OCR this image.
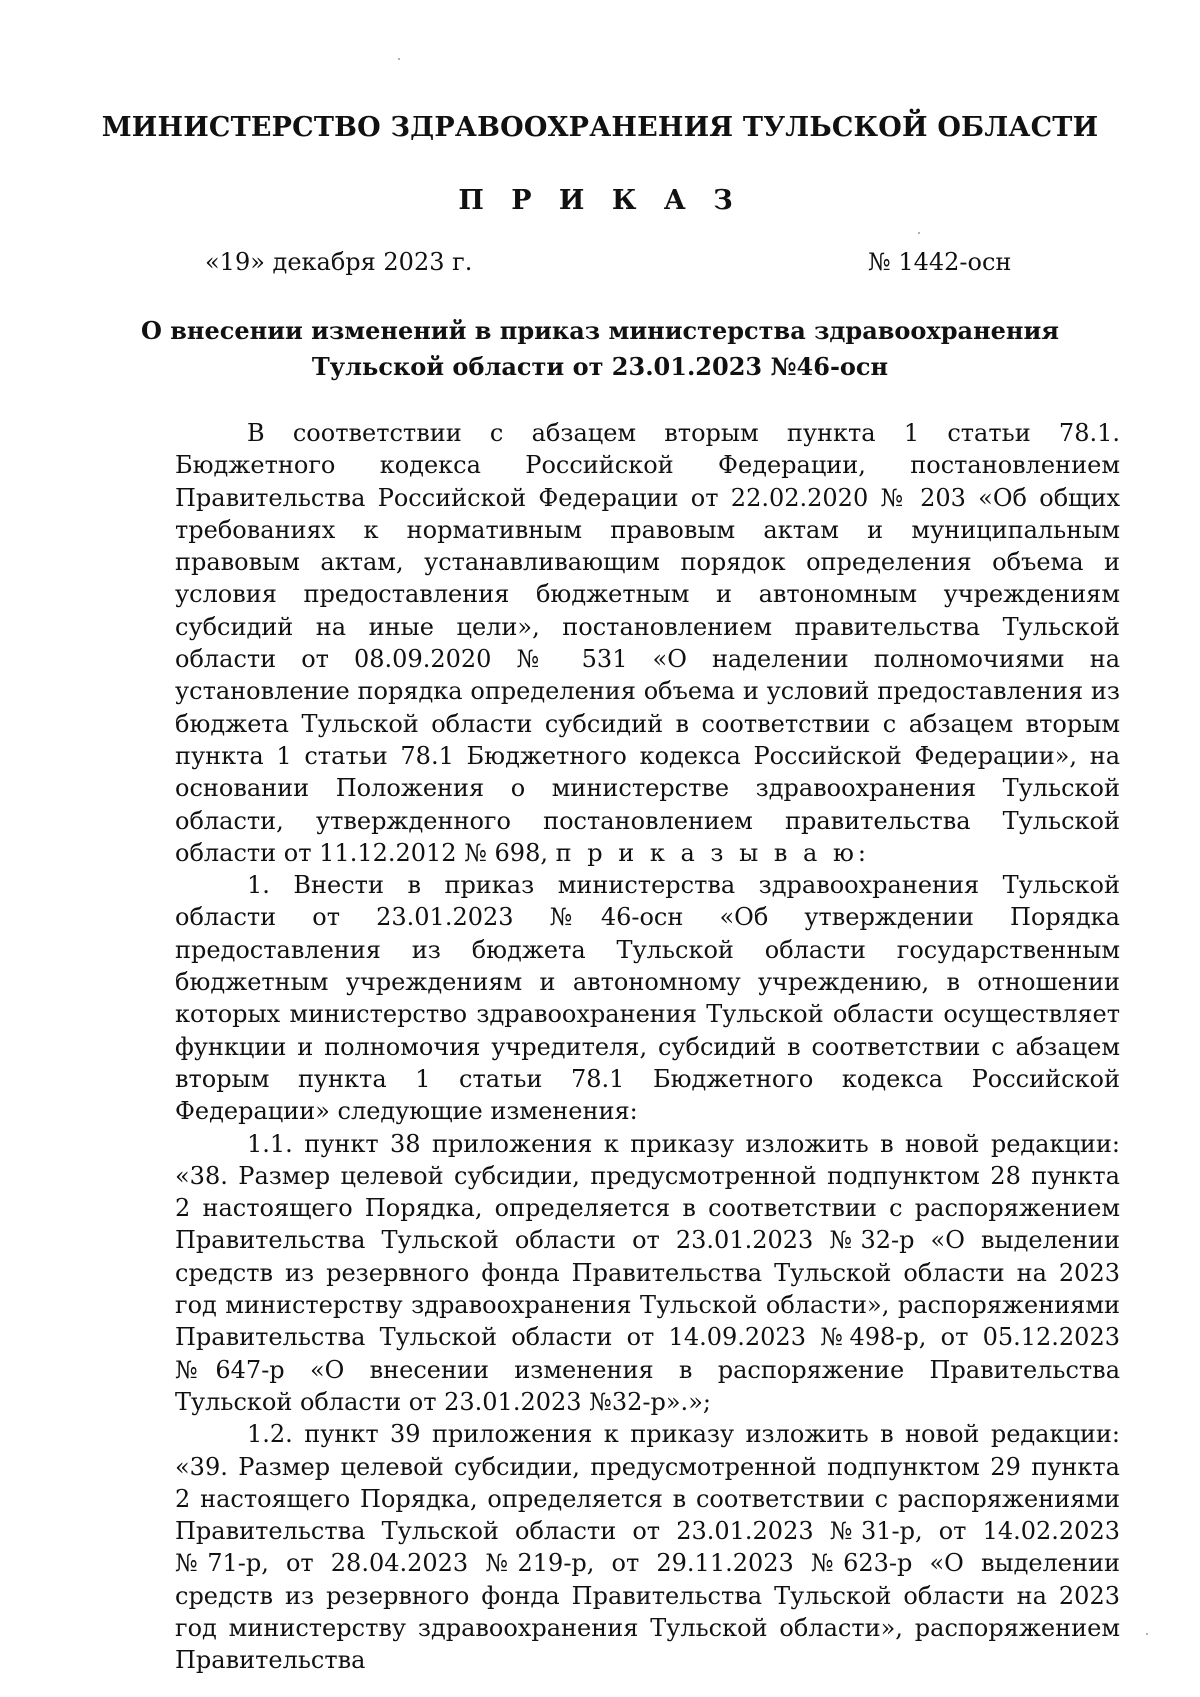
МИНИСТЕРСТВО ЗДРАВООХРАНЕНИЯ ТУЛЬСКОЙ ОБЛАСТИ
П Р И К А З
«19» декабря 2023 г.	№ 1442-осн
О внесении изменений в приказ министерства здравоохранения
Тульской области от 23.01.2023 №46-осн

В соответствии с абзацем вторым пункта 1 статьи 78.1. Бюджетного кодекса Российской Федерации, постановлением Правительства Российской Федерации от 22.02.2020 № 203 «Об общих требованиях к нормативным правовым актам и муниципальным правовым актам, устанавливающим порядок определения объема и условия предоставления бюджетным и автономным учреждениям субсидий на иные цели», постановлением правительства Тульской области от 08.09.2020 № 531 «О наделении полномочиями на установление порядка определения объема и условий предоставления из бюджета Тульской области субсидий в соответствии с абзацем вторым пункта 1 статьи 78.1 Бюджетного кодекса Российской Федерации», на основании Положения о министерстве здравоохранения Тульской области, утвержденного постановлением правительства Тульской области от 11.12.2012 № 698, п р и к а з ы в а ю:

1. Внести в приказ министерства здравоохранения Тульской области от 23.01.2023 №46-осн «Об утверждении Порядка предоставления из бюджета Тульской области государственным бюджетным учреждениям и автономному учреждению, в отношении которых министерство здравоохранения Тульской области осуществляет функции и полномочия учредителя, субсидий в соответствии с абзацем вторым пункта 1 статьи 78.1 Бюджетного кодекса Российской Федерации» следующие изменения:

1.1. пункт 38 приложения к приказу изложить в новой редакции: «38. Размер целевой субсидии, предусмотренной подпунктом 28 пункта 2 настоящего Порядка, определяется в соответствии с распоряжением Правительства Тульской области от 23.01.2023 №32-р «О выделении средств из резервного фонда Правительства Тульской области на 2023 год министерству здравоохранения Тульской области», распоряжениями Правительства Тульской области от 14.09.2023 №498-р, от 05.12.2023 №647-р «О внесении изменения в распоряжение Правительства Тульской области от 23.01.2023 №32-р».»;

1.2. пункт 39 приложения к приказу изложить в новой редакции: «39. Размер целевой субсидии, предусмотренной подпунктом 29 пункта 2 настоящего Порядка, определяется в соответствии с распоряжениями Правительства Тульской области от 23.01.2023 №31-р, от 14.02.2023 №71-р, от 28.04.2023 №219-р, от 29.11.2023 №623-р «О выделении средств из резервного фонда Правительства Тульской области на 2023 год министерству здравоохранения Тульской области», распоряжением Правительства
